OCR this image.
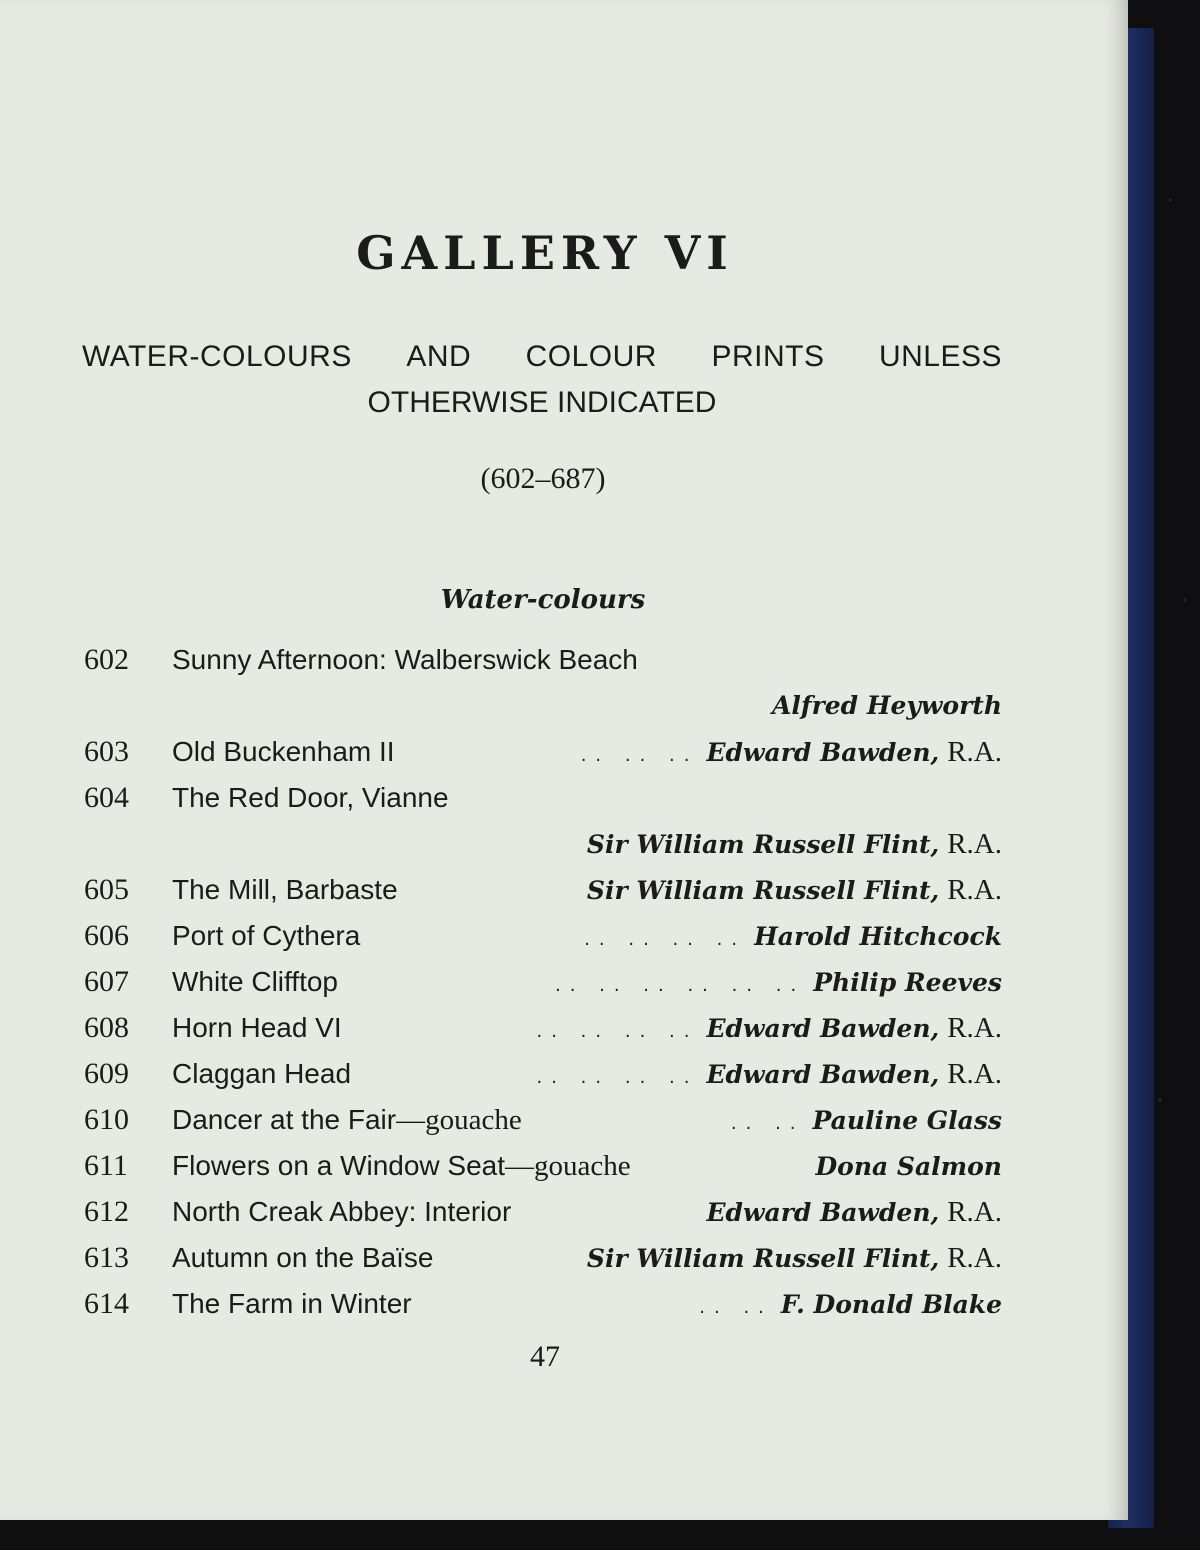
GALLERY VI
WATER-COLOURS AND COLOUR PRINTS UNLESS
OTHERWISE INDICATED

(602–687)

Water-colours
602	Sunny Afternoon: Walberswick Beach
Alfred Heyworth
603	Old Buckenham II	.. .. .. Edward Bawden, R.A.
604	The Red Door, Vianne
Sir William Russell Flint, R.A.
605	The Mill, Barbaste	Sir William Russell Flint, R.A.
606	Port of Cythera	.. .. .. .. Harold Hitchcock
607	White Clifftop	.. .. .. .. .. .. Philip Reeves
608	Horn Head VI	.. .. .. .. Edward Bawden, R.A.
609	Claggan Head	.. .. .. .. Edward Bawden, R.A.
610	Dancer at the Fair—gouache	.. .. Pauline Glass
611	Flowers on a Window Seat—gouache	Dona Salmon
612	North Creak Abbey: Interior	Edward Bawden, R.A.
613	Autumn on the Baïse	Sir William Russell Flint, R.A.
614	The Farm in Winter	.. .. F. Donald Blake

47
